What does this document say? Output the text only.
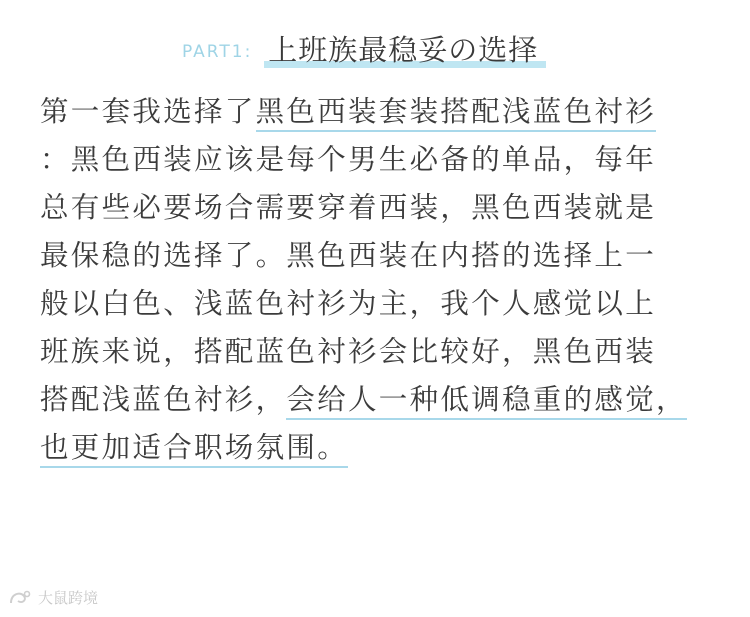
PART1: 上班族最稳妥の选择
第一套我选择了黑色西装套装搭配浅蓝色衬衫
：黑色西装应该是每个男生必备的单品，每年
总有些必要场合需要穿着西装，黑色西装就是
最保稳的选择了。黑色西装在内搭的选择上一
般以白色、浅蓝色衬衫为主，我个人感觉以上
班族来说，搭配蓝色衬衫会比较好，黑色西装
搭配浅蓝色衬衫，会给人一种低调稳重的感觉，
也更加适合职场氛围。
大鼠跨境
